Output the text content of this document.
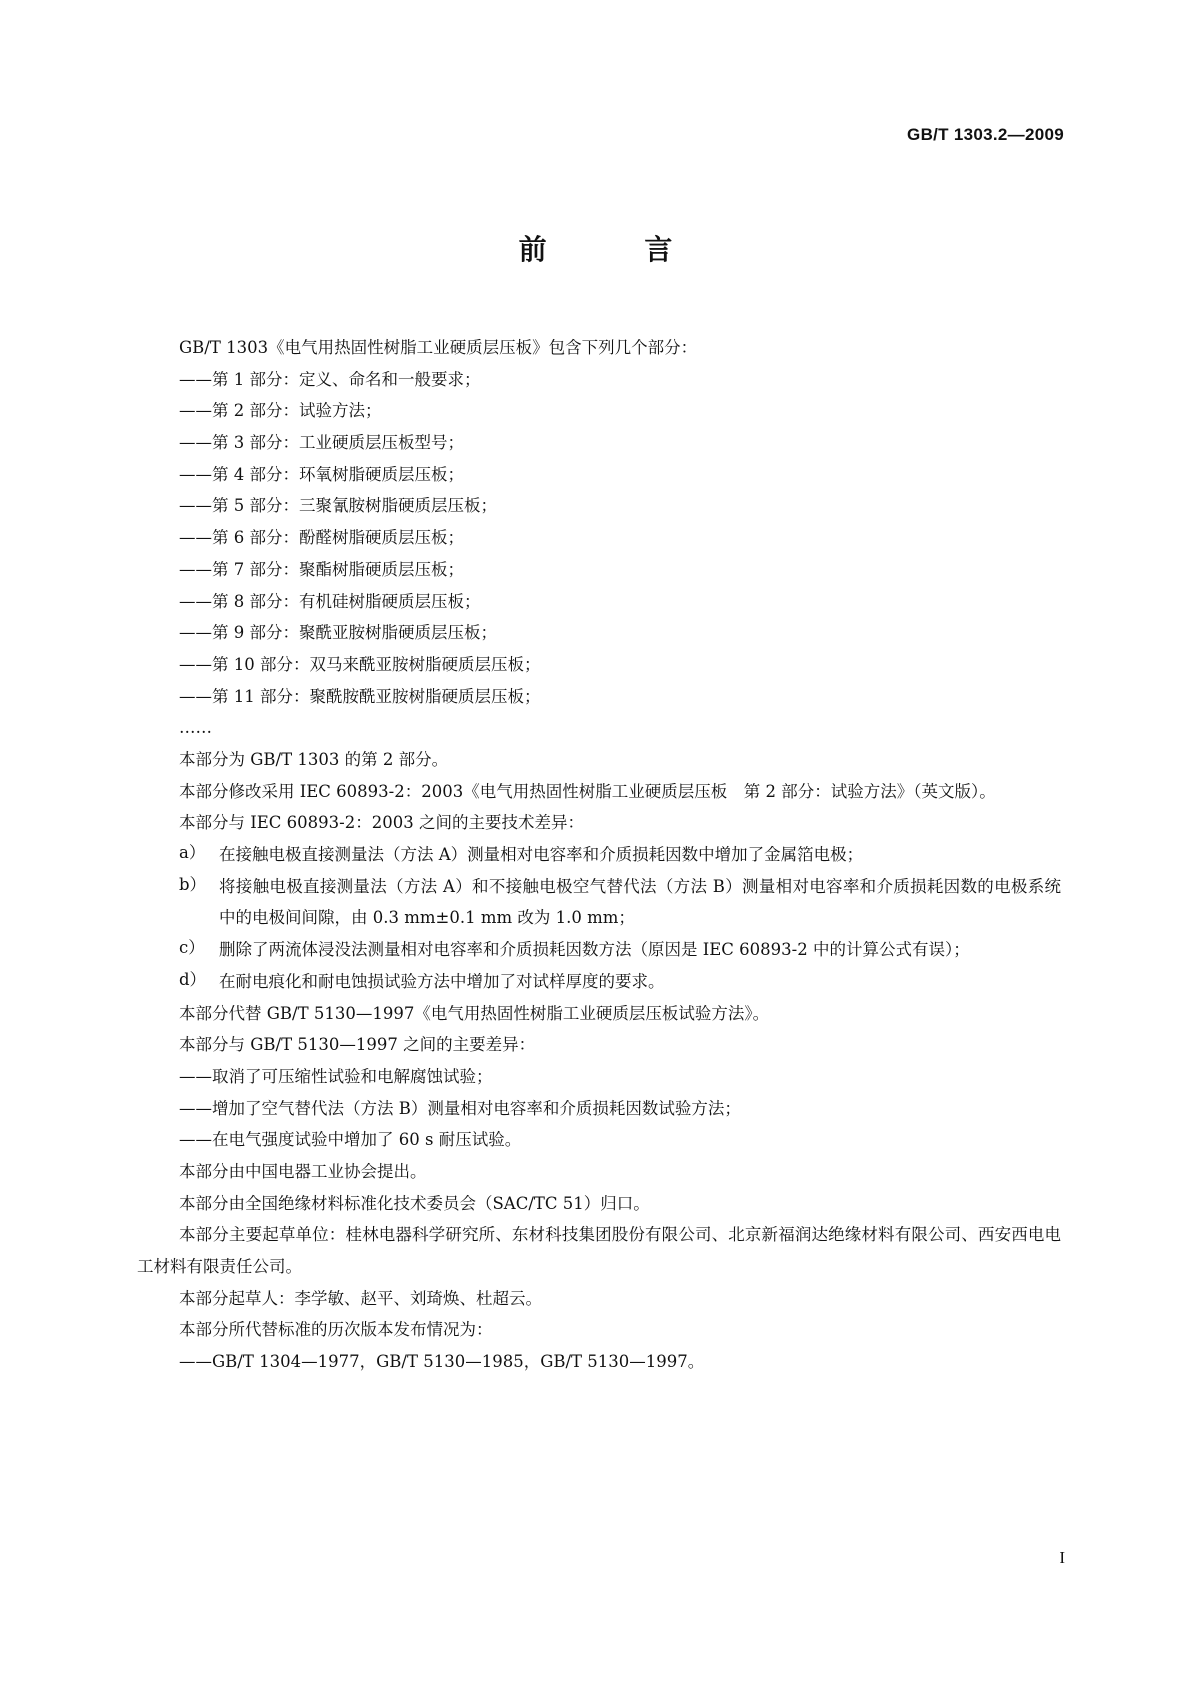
GB/T 1303.2—2009
前 言
GB/T 1303《电气用热固性树脂工业硬质层压板》包含下列几个部分：
——第 1 部分：定义、命名和一般要求；
——第 2 部分：试验方法；
——第 3 部分：工业硬质层压板型号；
——第 4 部分：环氧树脂硬质层压板；
——第 5 部分：三聚氰胺树脂硬质层压板；
——第 6 部分：酚醛树脂硬质层压板；
——第 7 部分：聚酯树脂硬质层压板；
——第 8 部分：有机硅树脂硬质层压板；
——第 9 部分：聚酰亚胺树脂硬质层压板；
——第 10 部分：双马来酰亚胺树脂硬质层压板；
——第 11 部分：聚酰胺酰亚胺树脂硬质层压板；
……
本部分为 GB/T 1303 的第 2 部分。
本部分修改采用 IEC 60893-2：2003《电气用热固性树脂工业硬质层压板　第 2 部分：试验方法》（英文版）。
本部分与 IEC 60893-2：2003 之间的主要技术差异：
a） 在接触电极直接测量法（方法 A）测量相对电容率和介质损耗因数中增加了金属箔电极；
b） 将接触电极直接测量法（方法 A）和不接触电极空气替代法（方法 B）测量相对电容率和介质损耗因数的电极系统中的电极间间隙，由 0.3 mm±0.1 mm 改为 1.0 mm；
c） 删除了两流体浸没法测量相对电容率和介质损耗因数方法（原因是 IEC 60893-2 中的计算公式有误）；
d） 在耐电痕化和耐电蚀损试验方法中增加了对试样厚度的要求。
本部分代替 GB/T 5130—1997《电气用热固性树脂工业硬质层压板试验方法》。
本部分与 GB/T 5130—1997 之间的主要差异：
——取消了可压缩性试验和电解腐蚀试验；
——增加了空气替代法（方法 B）测量相对电容率和介质损耗因数试验方法；
——在电气强度试验中增加了 60 s 耐压试验。
本部分由中国电器工业协会提出。
本部分由全国绝缘材料标准化技术委员会（SAC/TC 51）归口。
本部分主要起草单位：桂林电器科学研究所、东材科技集团股份有限公司、北京新福润达绝缘材料有限公司、西安西电电工材料有限责任公司。
本部分起草人：李学敏、赵平、刘琦焕、杜超云。
本部分所代替标准的历次版本发布情况为：
——GB/T 1304—1977，GB/T 5130—1985，GB/T 5130—1997。
I
